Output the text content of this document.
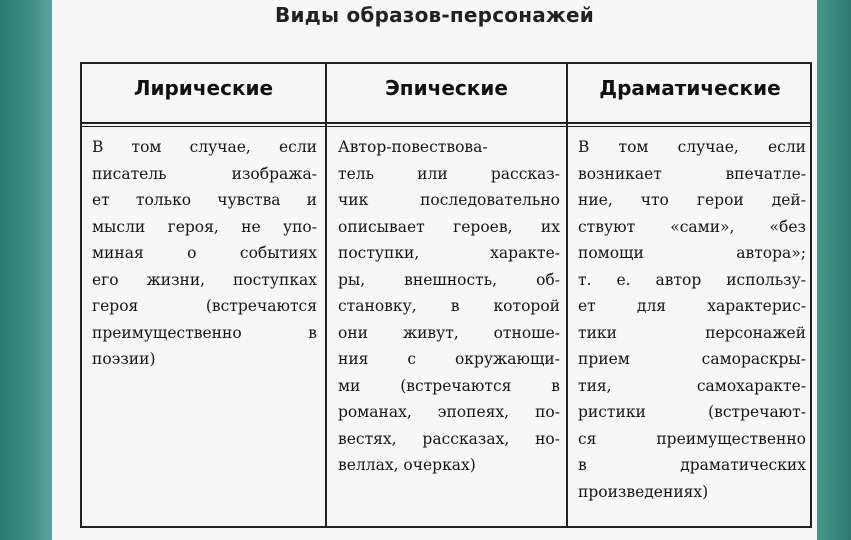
Виды образов-персонажей
Лирические	Эпические	Драматические
В том случае, если
писатель изобража-
ет только чувства и
мысли героя, не упо-
миная о событиях
его жизни, поступках
героя (встречаются
преимущественно в
поэзии)
Автор-повествова-
тель или рассказ-
чик последовательно
описывает героев, их
поступки, характе-
ры, внешность, об-
становку, в которой
они живут, отноше-
ния с окружающи-
ми (встречаются в
романах, эпопеях, по-
вестях, рассказах, но-
веллах, очерках)
В том случае, если
возникает впечатле-
ние, что герои дей-
ствуют «сами», «без
помощи автора»;
т. е. автор использу-
ет для характерис-
тики персонажей
прием самораскры-
тия, самохаракте-
ристики (встречают-
ся преимущественно
в драматических
произведениях)
